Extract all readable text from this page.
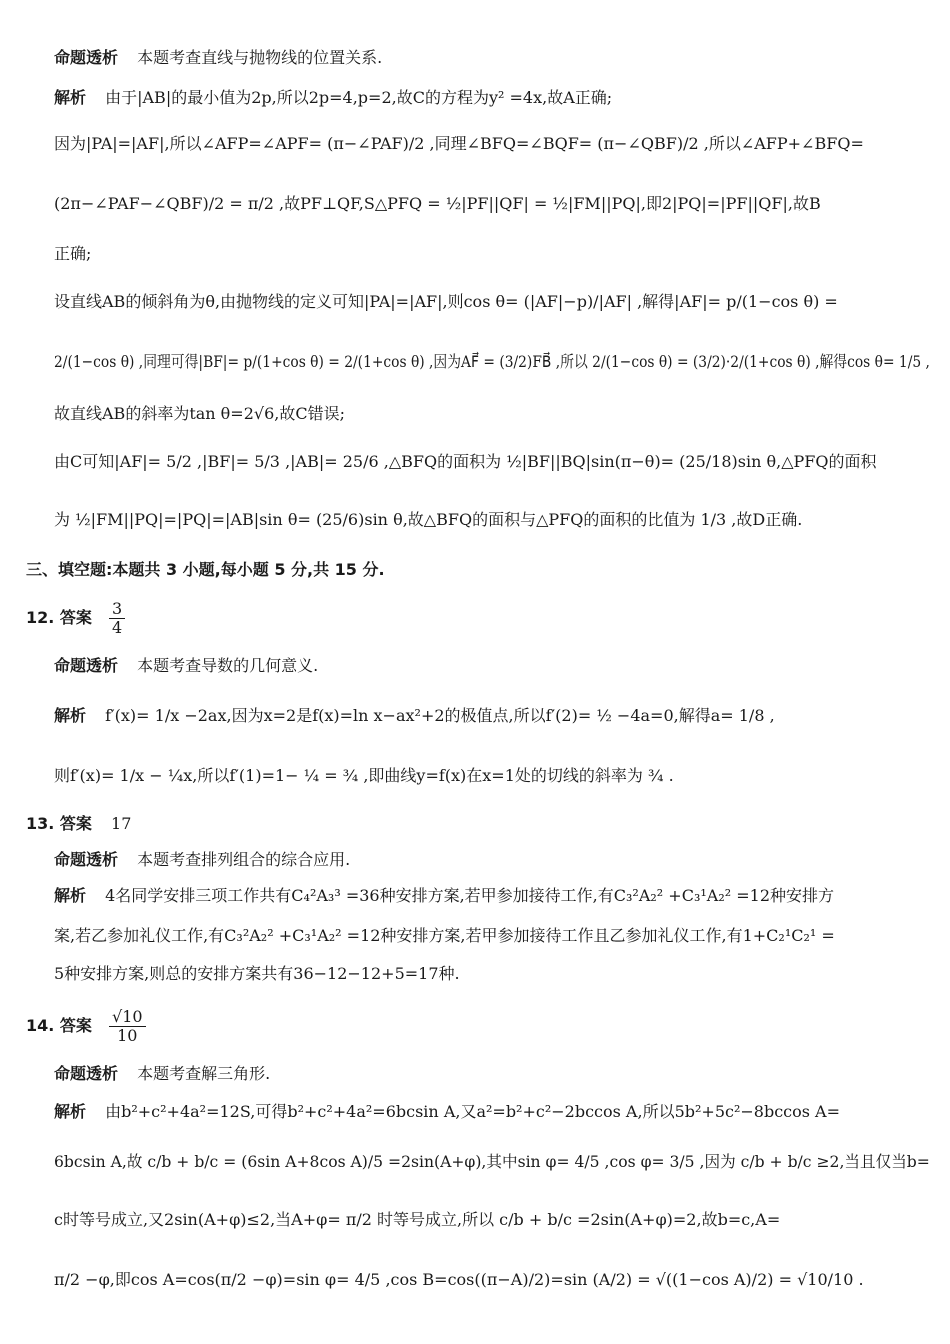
命题透析 本题考查直线与抛物线的位置关系.
解析 由于|AB|的最小值为2p,所以2p=4,p=2,故C的方程为y² =4x,故A正确;
因为|PA|=|AF|,所以∠AFP=∠APF= (π−∠PAF)/2 ,同理∠BFQ=∠BQF= (π−∠QBF)/2 ,所以∠AFP+∠BFQ=
(2π−∠PAF−∠QBF)/2 = π/2 ,故PF⊥QF,S△PFQ = ½|PF||QF| = ½|FM||PQ|,即2|PQ|=|PF||QF|,故B
正确;
设直线AB的倾斜角为θ,由抛物线的定义可知|PA|=|AF|,则cos θ= (|AF|−p)/|AF| ,解得|AF|= p/(1−cos θ) =
2/(1−cos θ) ,同理可得|BF|= p/(1+cos θ) = 2/(1+cos θ) ,因为AF⃗ = (3/2)FB⃗ ,所以 2/(1−cos θ) = (3/2)·2/(1+cos θ) ,解得cos θ= 1/5 ,
故直线AB的斜率为tan θ=2√6,故C错误;
由C可知|AF|= 5/2 ,|BF|= 5/3 ,|AB|= 25/6 ,△BFQ的面积为 ½|BF||BQ|sin(π−θ)= (25/18)sin θ,△PFQ的面积
为 ½|FM||PQ|=|PQ|=|AB|sin θ= (25/6)sin θ,故△BFQ的面积与△PFQ的面积的比值为 1/3 ,故D正确.
三、填空题:本题共 3 小题,每小题 5 分,共 15 分.
12. 答案 $\frac{3}{4}$
命题透析 本题考查导数的几何意义.
解析 f′(x)= 1/x −2ax,因为x=2是f(x)=ln x−ax²+2的极值点,所以f′(2)= ½ −4a=0,解得a= 1/8 ,
则f′(x)= 1/x − ¼x,所以f′(1)=1− ¼ = ¾ ,即曲线y=f(x)在x=1处的切线的斜率为 ¾ .
13. 答案 17
命题透析 本题考查排列组合的综合应用.
解析 4名同学安排三项工作共有C₄²A₃³ =36种安排方案,若甲参加接待工作,有C₃²A₂² +C₃¹A₂² =12种安排方
案,若乙参加礼仪工作,有C₃²A₂² +C₃¹A₂² =12种安排方案,若甲参加接待工作且乙参加礼仪工作,有1+C₂¹C₂¹ =
5种安排方案,则总的安排方案共有36−12−12+5=17种.
14. 答案 $\frac{√10}{10}$
命题透析 本题考查解三角形.
解析 由b²+c²+4a²=12S,可得b²+c²+4a²=6bcsin A,又a²=b²+c²−2bccos A,所以5b²+5c²−8bccos A=
6bcsin A,故 c/b + b/c = (6sin A+8cos A)/5 =2sin(A+φ),其中sin φ= 4/5 ,cos φ= 3/5 ,因为 c/b + b/c ≥2,当且仅当b=
c时等号成立,又2sin(A+φ)≤2,当A+φ= π/2 时等号成立,所以 c/b + b/c =2sin(A+φ)=2,故b=c,A=
π/2 −φ,即cos A=cos(π/2 −φ)=sin φ= 4/5 ,cos B=cos((π−A)/2)=sin (A/2) = √((1−cos A)/2) = √10/10 .
